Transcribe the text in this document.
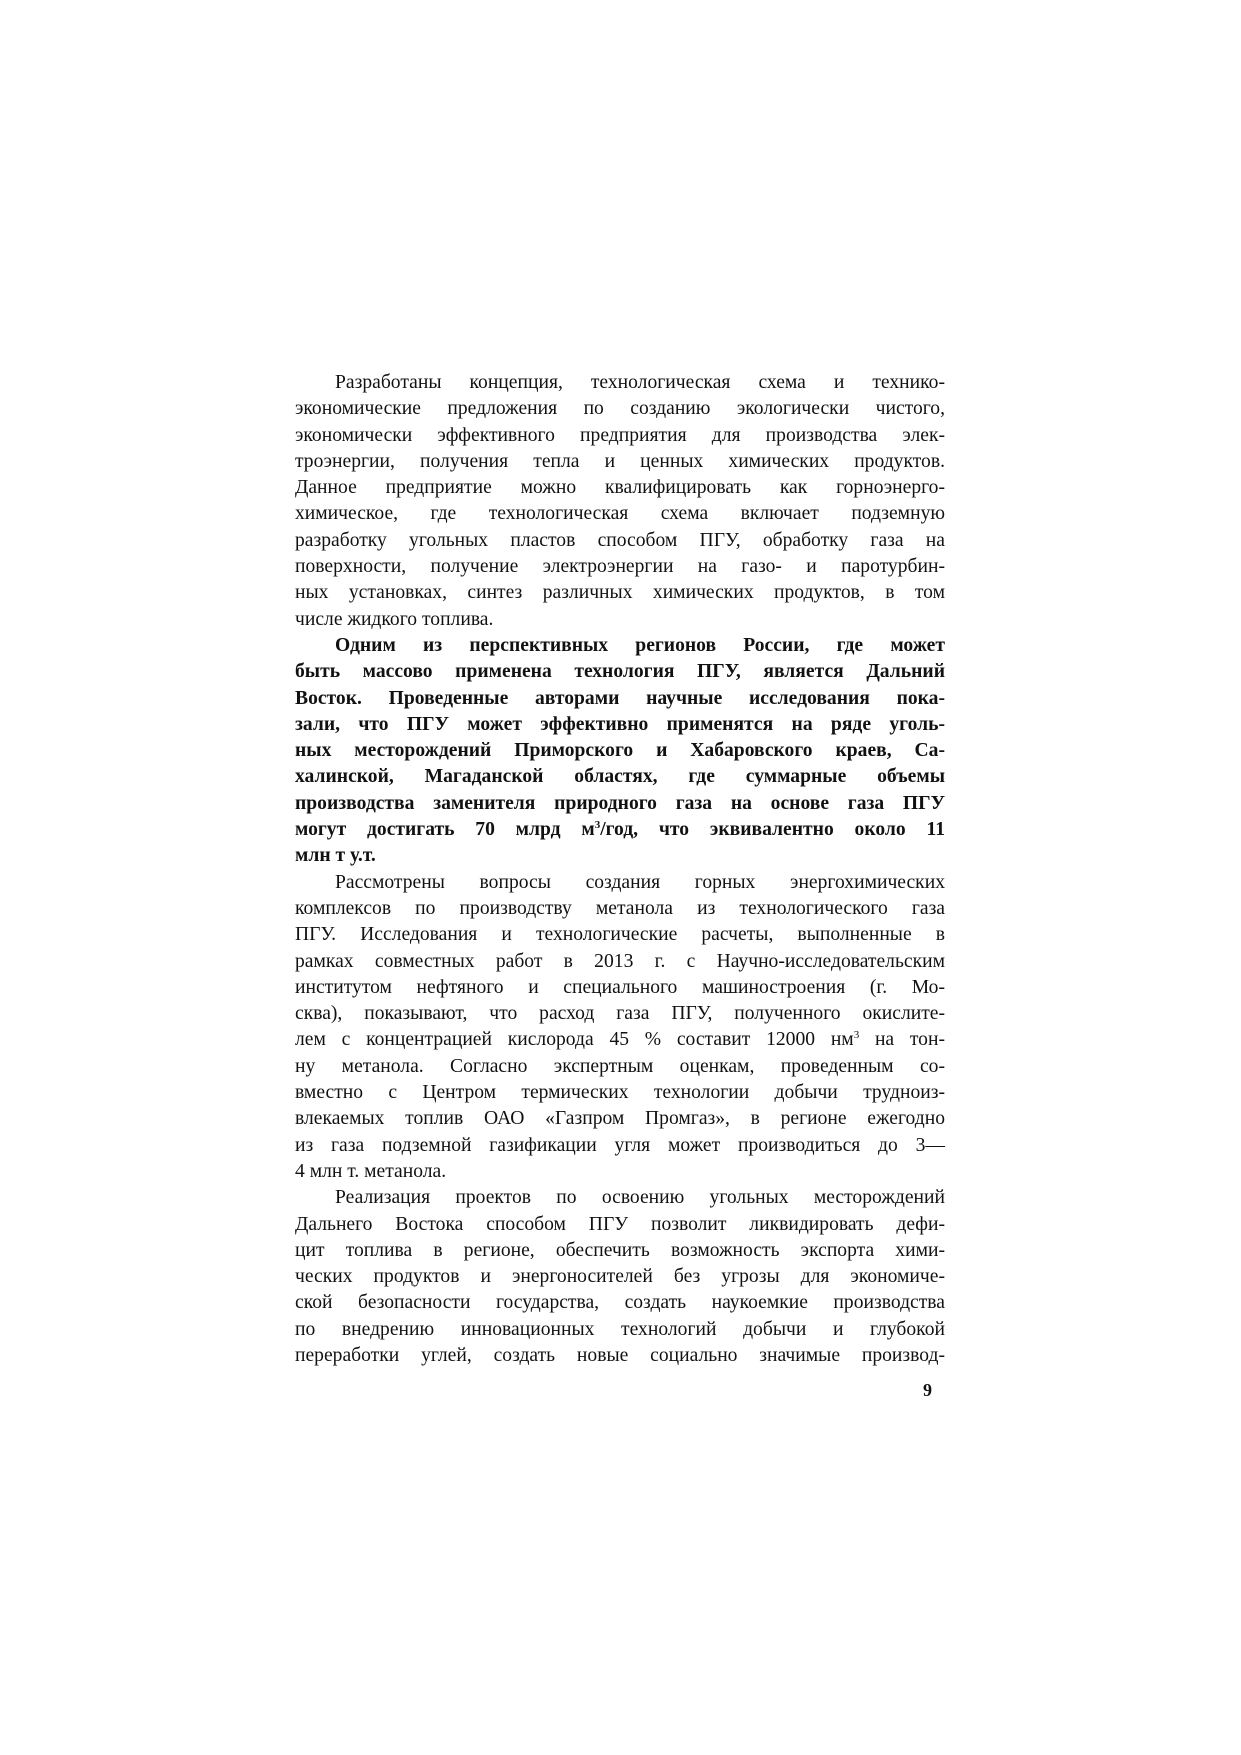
Разработаны концепция, технологическая схема и технико-
экономические предложения по созданию экологически чистого,
экономически эффективного предприятия для производства элек-
троэнергии, получения тепла и ценных химических продуктов.
Данное предприятие можно квалифицировать как горноэнерго-
химическое, где технологическая схема включает подземную
разработку угольных пластов способом ПГУ, обработку газа на
поверхности, получение электроэнергии на газо- и паротурбин-
ных установках, синтез различных химических продуктов, в том
числе жидкого топлива.

Одним из перспективных регионов России, где может
быть массово применена технология ПГУ, является Дальний
Восток. Проведенные авторами научные исследования пока-
зали, что ПГУ может эффективно применятся на ряде уголь-
ных месторождений Приморского и Хабаровского краев, Са-
халинской, Магаданской областях, где суммарные объемы
производства заменителя природного газа на основе газа ПГУ
могут достигать 70 млрд $м^3$/год, что эквивалентно около 11
млн т у.т.

Рассмотрены вопросы создания горных энергохимических
комплексов по производству метанола из технологического газа
ПГУ. Исследования и технологические расчеты, выполненные в
рамках совместных работ в 2013 г. с Научно-исследовательским
институтом нефтяного и специального машиностроения (г. Мо-
сква), показывают, что расход газа ПГУ, полученного окислите-
лем с концентрацией кислорода 45 % составит 12000 $нм^3$ на тон-
ну метанола. Согласно экспертным оценкам, проведенным со-
вместно с Центром термических технологии добычи трудноиз-
влекаемых топлив ОАО «Газпром Промгаз», в регионе ежегодно
из газа подземной газификации угля может производиться до 3—
4 млн т. метанола.

Реализация проектов по освоению угольных месторождений
Дальнего Востока способом ПГУ позволит ликвидировать дефи-
цит топлива в регионе, обеспечить возможность экспорта хими-
ческих продуктов и энергоносителей без угрозы для экономиче-
ской безопасности государства, создать наукоемкие производства
по внедрению инновационных технологий добычи и глубокой
переработки углей, создать новые социально значимые производ-

9
